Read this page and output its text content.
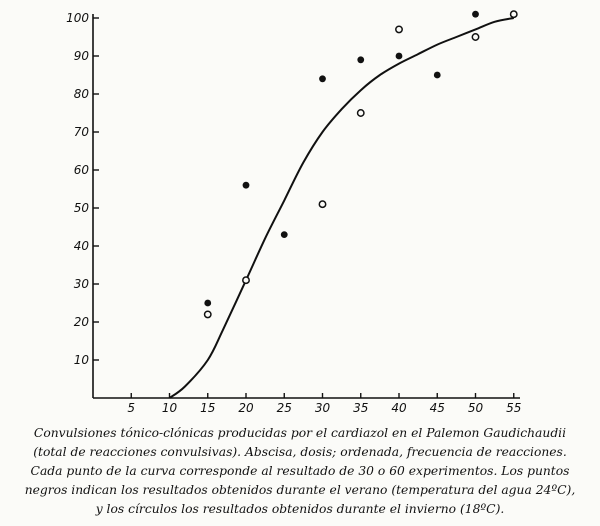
5 10 15 20 25 30 35 40 45 50 55
10
20
30
40
50
60
70
80
90
100
Convulsiones tónico-clónicas producidas por el cardiazol en el Palemon Gaudichaudii
(total de reacciones convulsivas). Abscisa, dosis; ordenada, frecuencia de reacciones.
Cada punto de la curva corresponde al resultado de 30 o 60 experimentos. Los puntos
negros indican los resultados obtenidos durante el verano (temperatura del agua 24ºC),
y los círculos los resultados obtenidos durante el invierno (18ºC).
